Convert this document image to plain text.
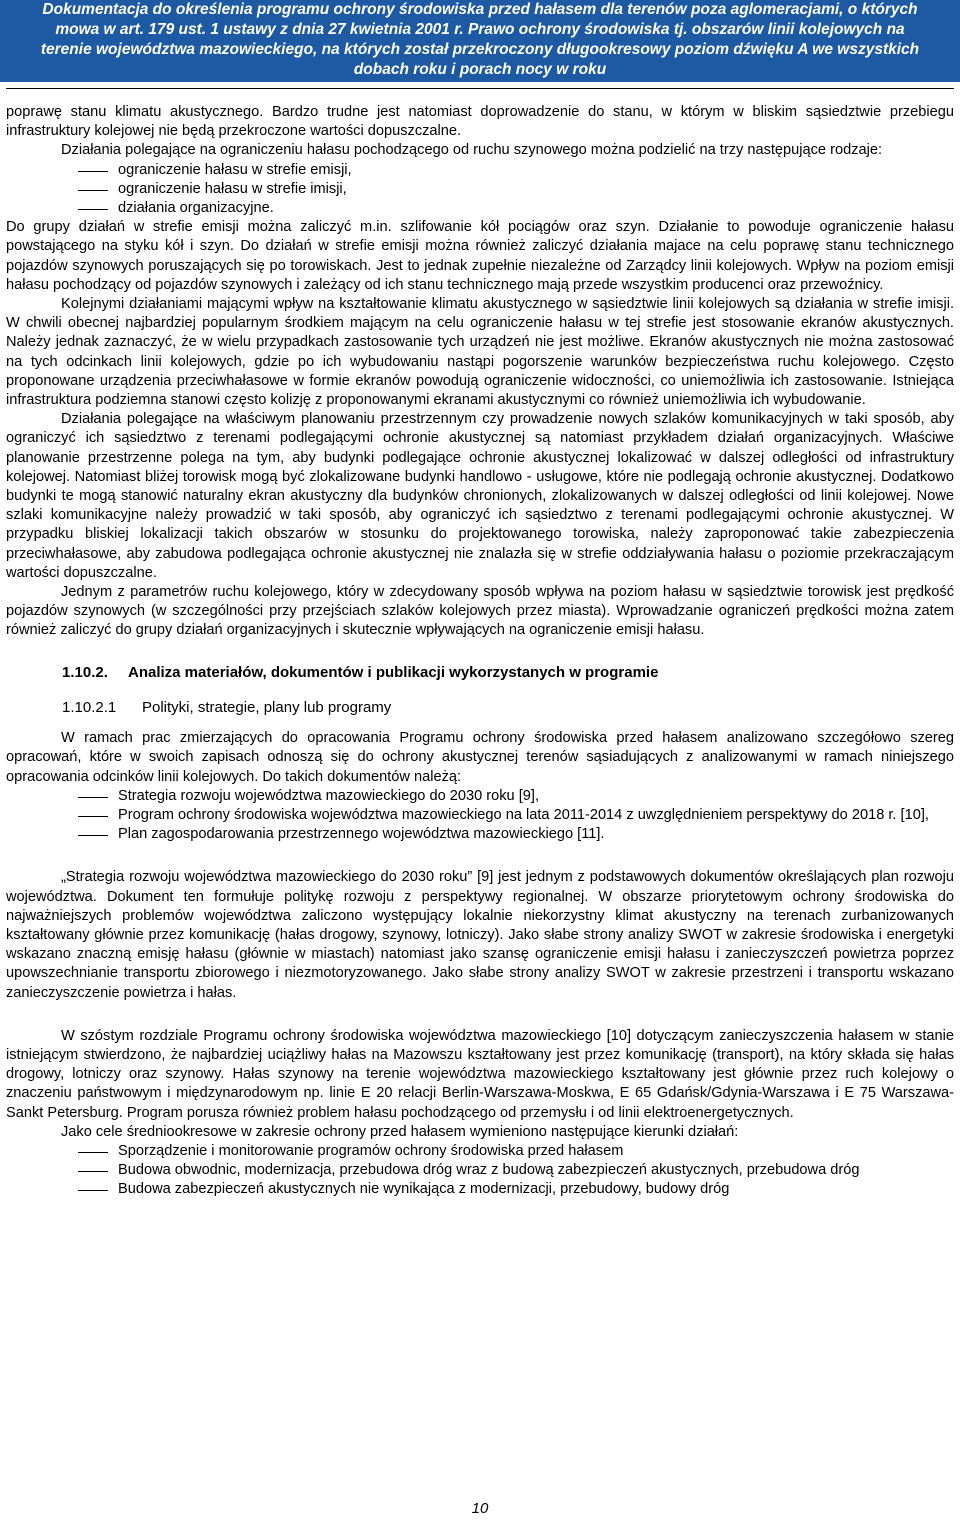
Dokumentacja do określenia programu ochrony środowiska przed hałasem dla terenów poza aglomeracjami, o których
mowa w art. 179 ust. 1 ustawy z dnia 27 kwietnia 2001 r. Prawo ochrony środowiska tj. obszarów linii kolejowych na
terenie województwa mazowieckiego, na których został przekroczony długookresowy poziom dźwięku A we wszystkich
dobach roku i porach nocy w roku

poprawę stanu klimatu akustycznego. Bardzo trudne jest natomiast doprowadzenie do stanu, w którym w bliskim sąsiedztwie przebiegu infrastruktury kolejowej nie będą przekroczone wartości dopuszczalne.

Działania polegające na ograniczeniu hałasu pochodzącego od ruchu szynowego można podzielić na trzy następujące rodzaje:

ograniczenie hałasu w strefie emisji,
ograniczenie hałasu w strefie imisji,
działania organizacyjne.

Do grupy działań w strefie emisji można zaliczyć m.in. szlifowanie kół pociągów oraz szyn. Działanie to powoduje ograniczenie hałasu powstającego na styku kół i szyn. Do działań w strefie emisji można również zaliczyć działania majace na celu poprawę stanu technicznego pojazdów szynowych poruszających się po torowiskach. Jest to jednak zupełnie niezależne od Zarządcy linii kolejowych. Wpływ na poziom emisji hałasu pochodzący od pojazdów szynowych i zależący od ich stanu technicznego mają przede wszystkim producenci oraz przewoźnicy.

Kolejnymi działaniami mającymi wpływ na kształtowanie klimatu akustycznego w sąsiedztwie linii kolejowych są działania w strefie imisji. W chwili obecnej najbardziej popularnym środkiem mającym na celu ograniczenie hałasu w tej strefie jest stosowanie ekranów akustycznych. Należy jednak zaznaczyć, że w wielu przypadkach zastosowanie tych urządzeń nie jest możliwe. Ekranów akustycznych nie można zastosować na tych odcinkach linii kolejowych, gdzie po ich wybudowaniu nastąpi pogorszenie warunków bezpieczeństwa ruchu kolejowego. Często proponowane urządzenia przeciwhałasowe w formie ekranów powodują ograniczenie widoczności, co uniemożliwia ich zastosowanie. Istniejąca infrastruktura podziemna stanowi często kolizję z proponowanymi ekranami akustycznymi co również uniemożliwia ich wybudowanie.

Działania polegające na właściwym planowaniu przestrzennym czy prowadzenie nowych szlaków komunikacyjnych w taki sposób, aby ograniczyć ich sąsiedztwo z terenami podlegającymi ochronie akustycznej są natomiast przykładem działań organizacyjnych. Właściwe planowanie przestrzenne polega na tym, aby budynki podlegające ochronie akustycznej lokalizować w dalszej odległości od infrastruktury kolejowej. Natomiast bliżej torowisk mogą być zlokalizowane budynki handlowo - usługowe, które nie podlegają ochronie akustycznej. Dodatkowo budynki te mogą stanowić naturalny ekran akustyczny dla budynków chronionych, zlokalizowanych w dalszej odległości od linii kolejowej. Nowe szlaki komunikacyjne należy prowadzić w taki sposób, aby ograniczyć ich sąsiedztwo z terenami podlegającymi ochronie akustycznej. W przypadku bliskiej lokalizacji takich obszarów w stosunku do projektowanego torowiska, należy zaproponować takie zabezpieczenia przeciwhałasowe, aby zabudowa podlegająca ochronie akustycznej nie znalazła się w strefie oddziaływania hałasu o poziomie przekraczającym wartości dopuszczalne.

Jednym z parametrów ruchu kolejowego, który w zdecydowany sposób wpływa na poziom hałasu w sąsiedztwie torowisk jest prędkość pojazdów szynowych (w szczególności przy przejściach szlaków kolejowych przez miasta). Wprowadzanie ograniczeń prędkości można zatem również zaliczyć do grupy działań organizacyjnych i skutecznie wpływających na ograniczenie emisji hałasu.

1.10.2. Analiza materiałów, dokumentów i publikacji wykorzystanych w programie
1.10.2.1 Polityki, strategie, plany lub programy

W ramach prac zmierzających do opracowania Programu ochrony środowiska przed hałasem analizowano szczegółowo szereg opracowań, które w swoich zapisach odnoszą się do ochrony akustycznej terenów sąsiadujących z analizowanymi w ramach niniejszego opracowania odcinków linii kolejowych. Do takich dokumentów należą:

Strategia rozwoju województwa mazowieckiego do 2030 roku [9],
Program ochrony środowiska województwa mazowieckiego na lata 2011-2014 z uwzględnieniem perspektywy do 2018 r. [10],
Plan zagospodarowania przestrzennego województwa mazowieckiego [11].

„Strategia rozwoju województwa mazowieckiego do 2030 roku” [9] jest jednym z podstawowych dokumentów określających plan rozwoju województwa. Dokument ten formułuje politykę rozwoju z perspektywy regionalnej. W obszarze priorytetowym ochrony środowiska do najważniejszych problemów województwa zaliczono występujący lokalnie niekorzystny klimat akustyczny na terenach zurbanizowanych kształtowany głównie przez komunikację (hałas drogowy, szynowy, lotniczy). Jako słabe strony analizy SWOT w zakresie środowiska i energetyki wskazano znaczną emisję hałasu (głównie w miastach) natomiast jako szansę ograniczenie emisji hałasu i zanieczyszczeń powietrza poprzez upowszechnianie transportu zbiorowego i niezmotoryzowanego. Jako słabe strony analizy SWOT w zakresie przestrzeni i transportu wskazano zanieczyszczenie powietrza i hałas.

W szóstym rozdziale Programu ochrony środowiska województwa mazowieckiego [10] dotyczącym zanieczyszczenia hałasem w stanie istniejącym stwierdzono, że najbardziej uciążliwy hałas na Mazowszu kształtowany jest przez komunikację (transport), na który składa się hałas drogowy, lotniczy oraz szynowy. Hałas szynowy na terenie województwa mazowieckiego kształtowany jest głównie przez ruch kolejowy o znaczeniu państwowym i międzynarodowym np. linie E 20 relacji Berlin-Warszawa-Moskwa, E 65 Gdańsk/Gdynia-Warszawa i E 75 Warszawa-Sankt Petersburg. Program porusza również problem hałasu pochodzącego od przemysłu i od linii elektroenergetycznych.

Jako cele średniookresowe w zakresie ochrony przed hałasem wymieniono następujące kierunki działań:

Sporządzenie i monitorowanie programów ochrony środowiska przed hałasem
Budowa obwodnic, modernizacja, przebudowa dróg wraz z budową zabezpieczeń akustycznych, przebudowa dróg
Budowa zabezpieczeń akustycznych nie wynikająca z modernizacji, przebudowy, budowy dróg
10
